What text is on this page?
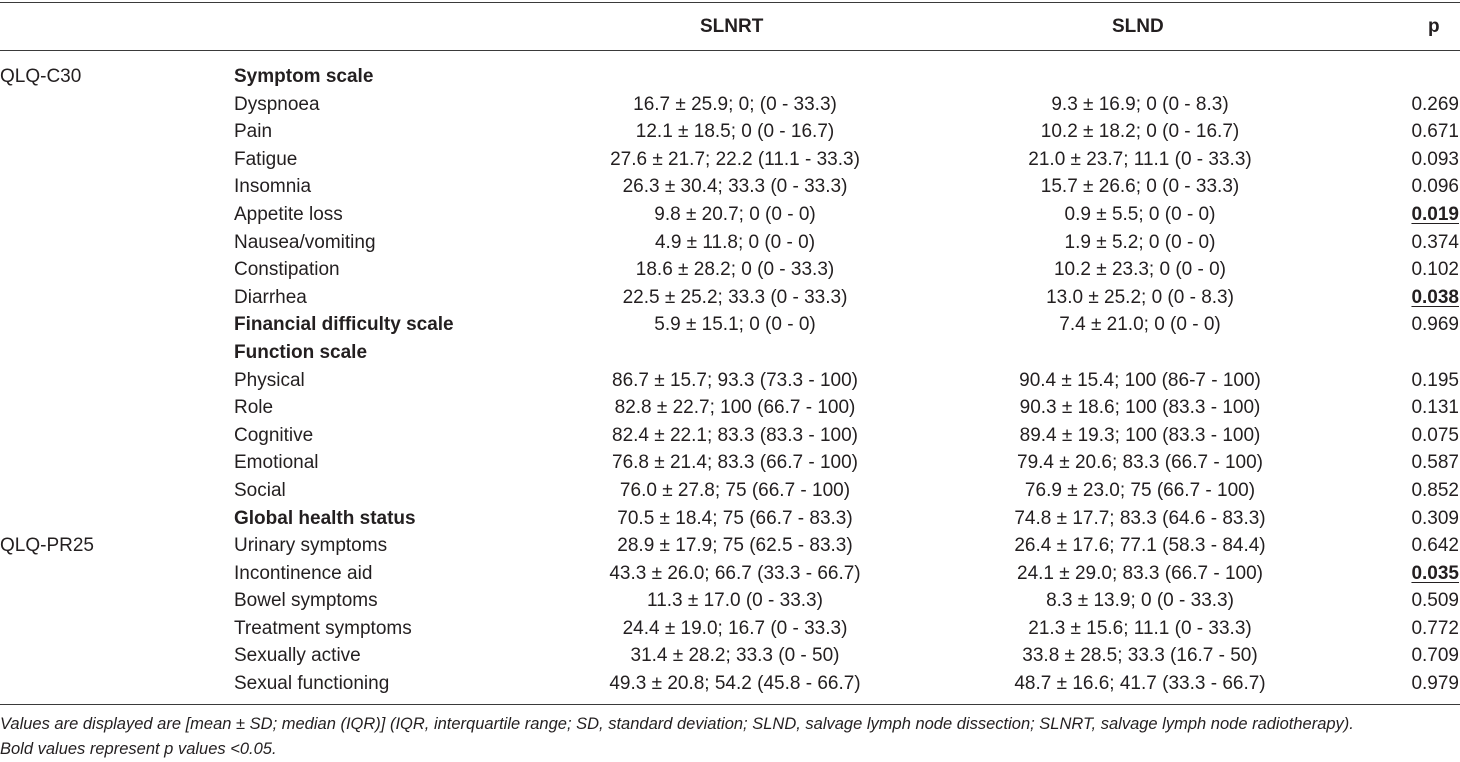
SLNRT	SLND	p
QLQ-C30	Symptom scale
Dyspnoea	16.7 ± 25.9; 0; (0 - 33.3)	9.3 ± 16.9; 0 (0 - 8.3)	0.269
Pain	12.1 ± 18.5; 0 (0 - 16.7)	10.2 ± 18.2; 0 (0 - 16.7)	0.671
Fatigue	27.6 ± 21.7; 22.2 (11.1 - 33.3)	21.0 ± 23.7; 11.1 (0 - 33.3)	0.093
Insomnia	26.3 ± 30.4; 33.3 (0 - 33.3)	15.7 ± 26.6; 0 (0 - 33.3)	0.096
Appetite loss	9.8 ± 20.7; 0 (0 - 0)	0.9 ± 5.5; 0 (0 - 0)	0.019
Nausea/vomiting	4.9 ± 11.8; 0 (0 - 0)	1.9 ± 5.2; 0 (0 - 0)	0.374
Constipation	18.6 ± 28.2; 0 (0 - 33.3)	10.2 ± 23.3; 0 (0 - 0)	0.102
Diarrhea	22.5 ± 25.2; 33.3 (0 - 33.3)	13.0 ± 25.2; 0 (0 - 8.3)	0.038
Financial difficulty scale	5.9 ± 15.1; 0 (0 - 0)	7.4 ± 21.0; 0 (0 - 0)	0.969
Function scale
Physical	86.7 ± 15.7; 93.3 (73.3 - 100)	90.4 ± 15.4; 100 (86-7 - 100)	0.195
Role	82.8 ± 22.7; 100 (66.7 - 100)	90.3 ± 18.6; 100 (83.3 - 100)	0.131
Cognitive	82.4 ± 22.1; 83.3 (83.3 - 100)	89.4 ± 19.3; 100 (83.3 - 100)	0.075
Emotional	76.8 ± 21.4; 83.3 (66.7 - 100)	79.4 ± 20.6; 83.3 (66.7 - 100)	0.587
Social	76.0 ± 27.8; 75 (66.7 - 100)	76.9 ± 23.0; 75 (66.7 - 100)	0.852
Global health status	70.5 ± 18.4; 75 (66.7 - 83.3)	74.8 ± 17.7; 83.3 (64.6 - 83.3)	0.309
QLQ-PR25	Urinary symptoms	28.9 ± 17.9; 75 (62.5 - 83.3)	26.4 ± 17.6; 77.1 (58.3 - 84.4)	0.642
Incontinence aid	43.3 ± 26.0; 66.7 (33.3 - 66.7)	24.1 ± 29.0; 83.3 (66.7 - 100)	0.035
Bowel symptoms	11.3 ± 17.0 (0 - 33.3)	8.3 ± 13.9; 0 (0 - 33.3)	0.509
Treatment symptoms	24.4 ± 19.0; 16.7 (0 - 33.3)	21.3 ± 15.6; 11.1 (0 - 33.3)	0.772
Sexually active	31.4 ± 28.2; 33.3 (0 - 50)	33.8 ± 28.5; 33.3 (16.7 - 50)	0.709
Sexual functioning	49.3 ± 20.8; 54.2 (45.8 - 66.7)	48.7 ± 16.6; 41.7 (33.3 - 66.7)	0.979
Values are displayed are [mean ± SD; median (IQR)] (IQR, interquartile range; SD, standard deviation; SLND, salvage lymph node dissection; SLNRT, salvage lymph node radiotherapy).
Bold values represent p values <0.05.
